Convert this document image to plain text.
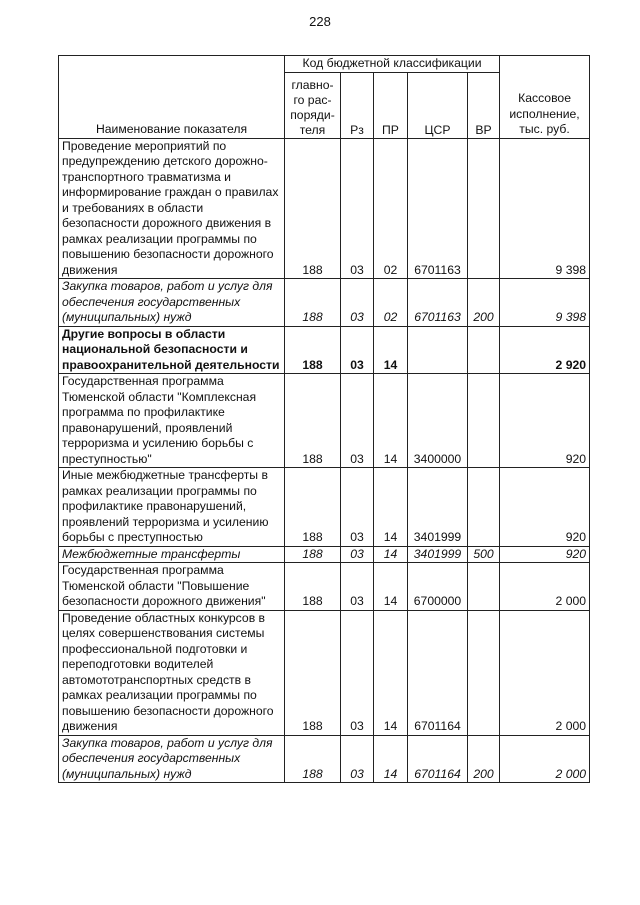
228
Наименование показателя	Код бюджетной классификации					Кассовое исполнение, тыс. руб.
	главно-го рас-поряди-теля	Рз	ПР	ЦСР	ВР	
Проведение мероприятий по предупреждению детского дорожно-транспортного травматизма и информирование граждан о правилах и требованиях в области безопасности дорожного движения в рамках реализации программы по повышению безопасности дорожного движения	188	03	02	6701163		9 398
Закупка товаров, работ и услуг для обеспечения государственных (муниципальных) нужд	188	03	02	6701163	200	9 398
Другие вопросы в области национальной безопасности и правоохранительной деятельности	188	03	14			2 920
Государственная программа Тюменской области "Комплексная программа по профилактике правонарушений, проявлений терроризма и усилению борьбы с преступностью"	188	03	14	3400000		920
Иные межбюджетные трансферты в рамках реализации программы по профилактике правонарушений, проявлений терроризма и усилению борьбы с преступностью	188	03	14	3401999		920
Межбюджетные трансферты	188	03	14	3401999	500	920
Государственная программа Тюменской области "Повышение безопасности дорожного движения"	188	03	14	6700000		2 000
Проведение областных конкурсов в целях совершенствования системы профессиональной подготовки и переподготовки водителей автомототранспортных средств в рамках реализации программы по повышению безопасности дорожного движения	188	03	14	6701164		2 000
Закупка товаров, работ и услуг для обеспечения государственных (муниципальных) нужд	188	03	14	6701164	200	2 000
